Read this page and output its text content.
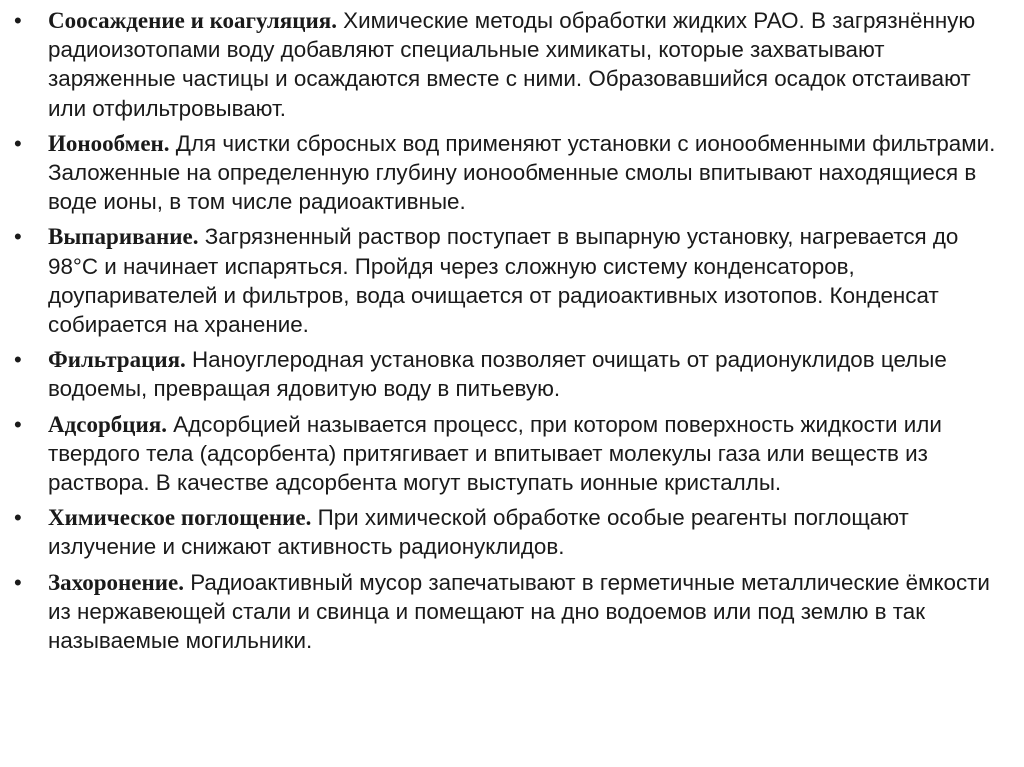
•	Соосаждение и коагуляция. Химические методы обработки жидких РАО. В загрязнённую радиоизотопами воду добавляют специальные химикаты, которые захватывают заряженные частицы и осаждаются вместе с ними. Образовавшийся осадок отстаивают или отфильтровывают.
•	Ионообмен. Для чистки сбросных вод применяют установки с ионообменными фильтрами. Заложенные на определенную глубину ионообменные смолы впитывают находящиеся в воде ионы, в том числе радиоактивные.
•	Выпаривание. Загрязненный раствор поступает в выпарную установку, нагревается до 98°С и начинает испаряться. Пройдя через сложную систему конденсаторов, доупаривателей и фильтров, вода очищается от радиоактивных изотопов. Конденсат собирается на хранение.
•	Фильтрация. Наноуглеродная установка позволяет очищать от радионуклидов целые водоемы, превращая ядовитую воду в питьевую.
•	Адсорбция. Адсорбцией называется процесс, при котором поверхность жидкости или твердого тела (адсорбента) притягивает и впитывает молекулы газа или веществ из раствора. В качестве адсорбента могут выступать ионные кристаллы.
•	Химическое поглощение. При химической обработке особые реагенты поглощают излучение и снижают активность радионуклидов.
•	Захоронение. Радиоактивный мусор запечатывают в герметичные металлические ёмкости из нержавеющей стали и свинца и помещают на дно водоемов или под землю в так называемые могильники.
